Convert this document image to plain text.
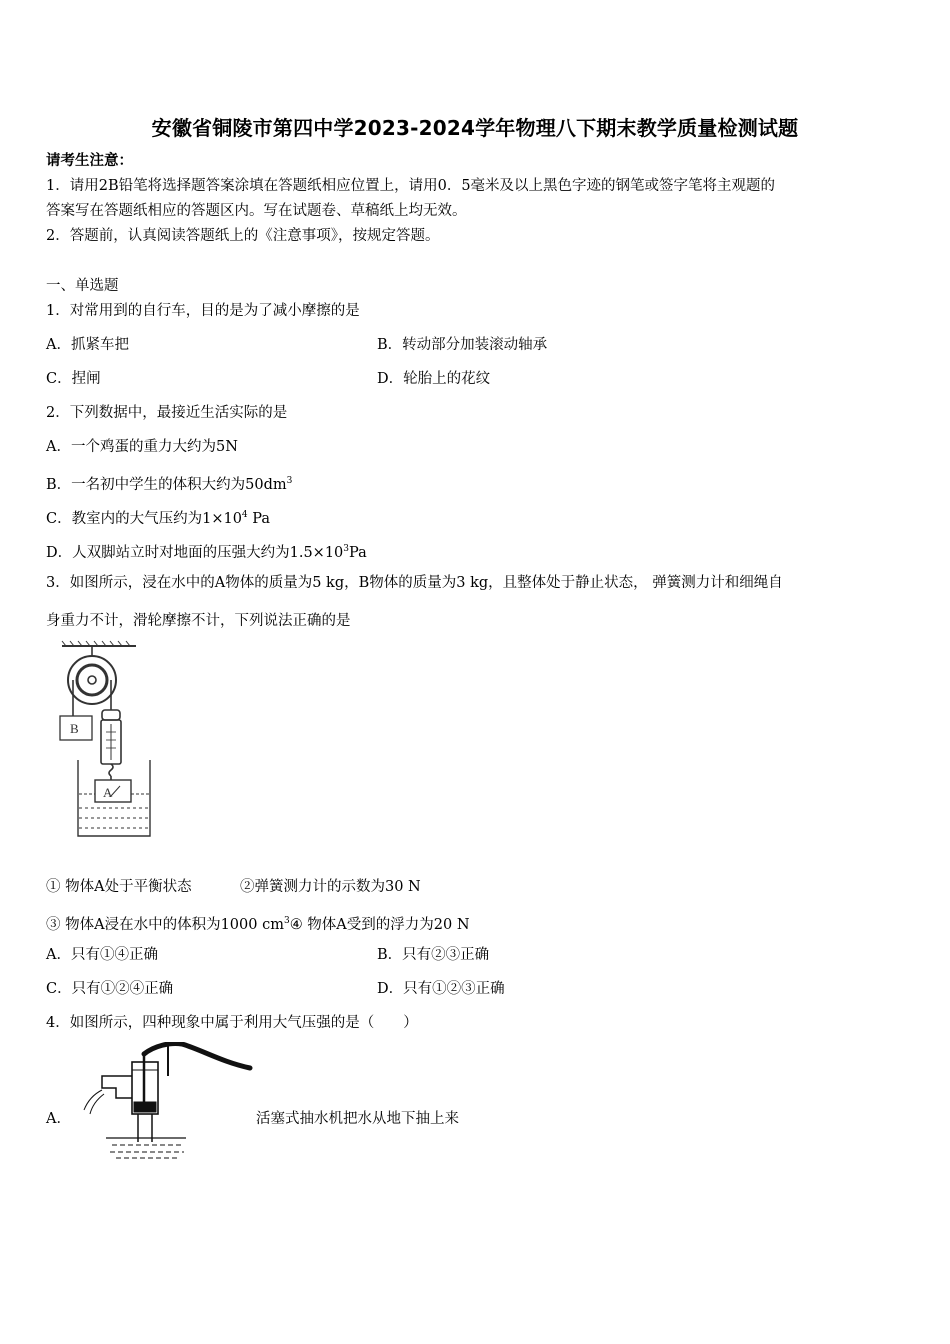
安徽省铜陵市第四中学2023-2024学年物理八下期末教学质量检测试题
请考生注意：
1．请用2B铅笔将选择题答案涂填在答题纸相应位置上，请用0．5毫米及以上黑色字迹的钢笔或签字笔将主观题的
答案写在答题纸相应的答题区内。写在试题卷、草稿纸上均无效。
2．答题前，认真阅读答题纸上的《注意事项》，按规定答题。
一、单选题
1．对常用到的自行车，目的是为了减小摩擦的是
A．抓紧车把	B．转动部分加装滚动轴承
C．捏闸	D．轮胎上的花纹
2．下列数据中，最接近生活实际的是
A．一个鸡蛋的重力大约为5N
B．一名初中学生的体积大约为$50dm^3$
C．教室内的大气压约为$1\times 10^4$ Pa
D．人双脚站立时对地面的压强大约为$1.5\times 10^3Pa$
3．如图所示，浸在水中的A物体的质量为5 kg，B物体的质量为3 kg，且整体处于静止状态， 弹簧测力计和细绳自
身重力不计，滑轮摩擦不计，下列说法正确的是
B
A
① 物体A处于平衡状态	②弹簧测力计的示数为30 N
③ 物体A浸在水中的体积为1000 $cm^3④$ 物体A受到的浮力为20 N
A．只有①④正确	B．只有②③正确
C．只有①②④正确	D．只有①②③正确
4．如图所示，四种现象中属于利用大气压强的是（　　）
A．	活塞式抽水机把水从地下抽上来
